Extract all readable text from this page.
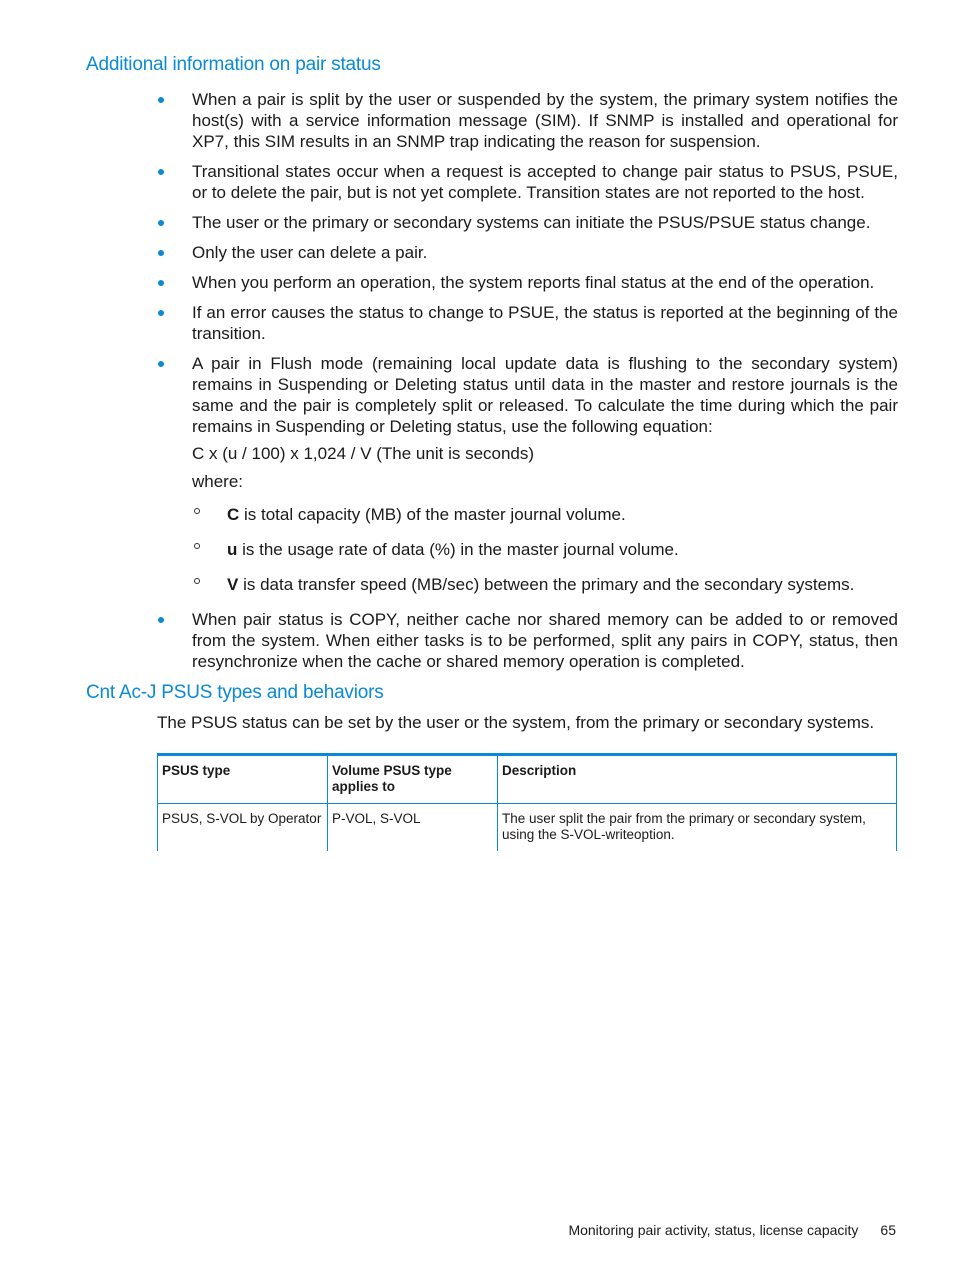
Additional information on pair status
When a pair is split by the user or suspended by the system, the primary system notifies the host(s) with a service information message (SIM). If SNMP is installed and operational for XP7, this SIM results in an SNMP trap indicating the reason for suspension.
Transitional states occur when a request is accepted to change pair status to PSUS, PSUE, or to delete the pair, but is not yet complete. Transition states are not reported to the host.
The user or the primary or secondary systems can initiate the PSUS/PSUE status change.
Only the user can delete a pair.
When you perform an operation, the system reports final status at the end of the operation.
If an error causes the status to change to PSUE, the status is reported at the beginning of the transition.
A pair in Flush mode (remaining local update data is flushing to the secondary system) remains in Suspending or Deleting status until data in the master and restore journals is the same and the pair is completely split or released. To calculate the time during which the pair remains in Suspending or Deleting status, use the following equation:
C x (u / 100) x 1,024 / V (The unit is seconds)
where:
C is total capacity (MB) of the master journal volume.
u is the usage rate of data (%) in the master journal volume.
V is data transfer speed (MB/sec) between the primary and the secondary systems.
When pair status is COPY, neither cache nor shared memory can be added to or removed from the system. When either tasks is to be performed, split any pairs in COPY, status, then resynchronize when the cache or shared memory operation is completed.
Cnt Ac-J PSUS types and behaviors

The PSUS status can be set by the user or the system, from the primary or secondary systems.

PSUS type	Volume PSUS type applies to	Description
PSUS, S-VOL by Operator	P-VOL, S-VOL	The user split the pair from the primary or secondary system, using the S-VOL-writeoption.
Monitoring pair activity, status, license capacity 65
